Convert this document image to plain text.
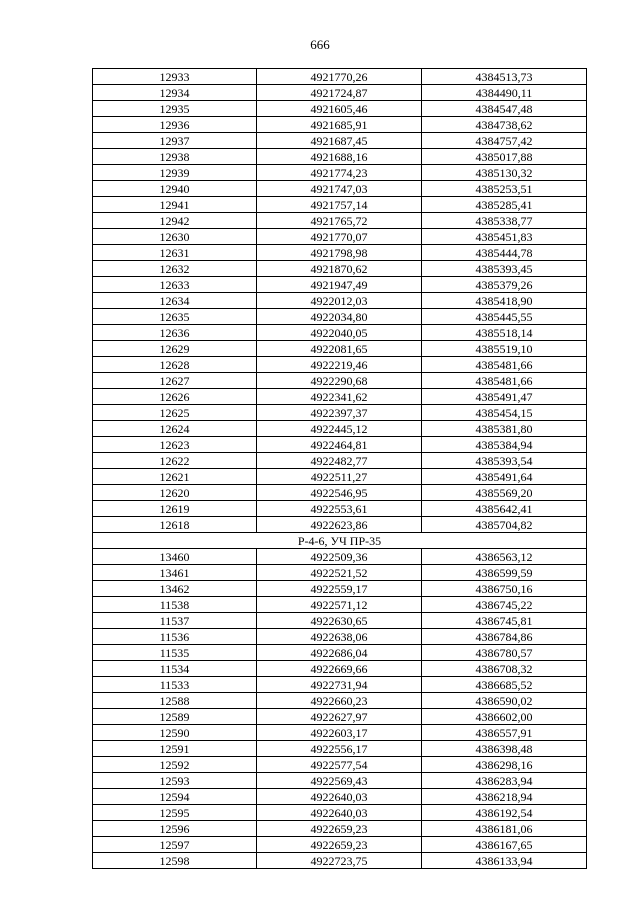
666
12933	4921770,26	4384513,73
12934	4921724,87	4384490,11
12935	4921605,46	4384547,48
12936	4921685,91	4384738,62
12937	4921687,45	4384757,42
12938	4921688,16	4385017,88
12939	4921774,23	4385130,32
12940	4921747,03	4385253,51
12941	4921757,14	4385285,41
12942	4921765,72	4385338,77
12630	4921770,07	4385451,83
12631	4921798,98	4385444,78
12632	4921870,62	4385393,45
12633	4921947,49	4385379,26
12634	4922012,03	4385418,90
12635	4922034,80	4385445,55
12636	4922040,05	4385518,14
12629	4922081,65	4385519,10
12628	4922219,46	4385481,66
12627	4922290,68	4385481,66
12626	4922341,62	4385491,47
12625	4922397,37	4385454,15
12624	4922445,12	4385381,80
12623	4922464,81	4385384,94
12622	4922482,77	4385393,54
12621	4922511,27	4385491,64
12620	4922546,95	4385569,20
12619	4922553,61	4385642,41
12618	4922623,86	4385704,82
Р-4-6, УЧ ПР-35		
13460	4922509,36	4386563,12
13461	4922521,52	4386599,59
13462	4922559,17	4386750,16
11538	4922571,12	4386745,22
11537	4922630,65	4386745,81
11536	4922638,06	4386784,86
11535	4922686,04	4386780,57
11534	4922669,66	4386708,32
11533	4922731,94	4386685,52
12588	4922660,23	4386590,02
12589	4922627,97	4386602,00
12590	4922603,17	4386557,91
12591	4922556,17	4386398,48
12592	4922577,54	4386298,16
12593	4922569,43	4386283,94
12594	4922640,03	4386218,94
12595	4922640,03	4386192,54
12596	4922659,23	4386181,06
12597	4922659,23	4386167,65
12598	4922723,75	4386133,94
